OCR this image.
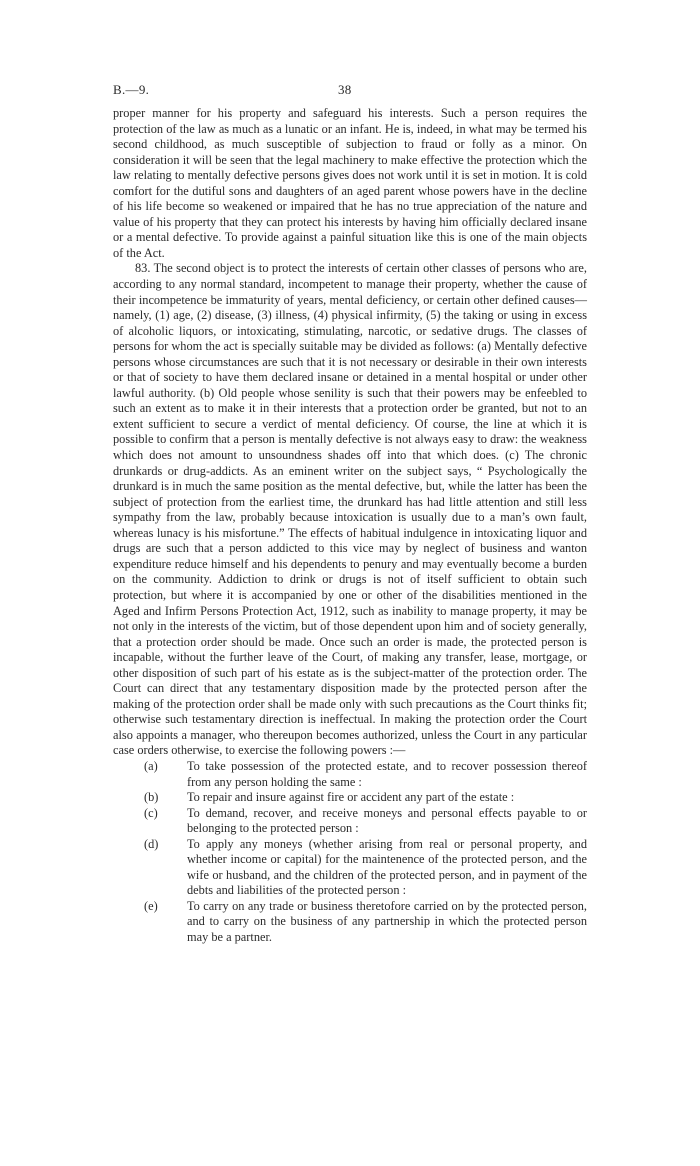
B.—9.	38

proper manner for his property and safeguard his interests. Such a person requires the protection of the law as much as a lunatic or an infant. He is, indeed, in what may be termed his second childhood, as much susceptible of subjection to fraud or folly as a minor. On consideration it will be seen that the legal machinery to make effective the protection which the law relating to mentally defective persons gives does not work until it is set in motion. It is cold comfort for the dutiful sons and daughters of an aged parent whose powers have in the decline of his life become so weakened or impaired that he has no true appreciation of the nature and value of his property that they can protect his interests by having him officially declared insane or a mental defective. To provide against a painful situation like this is one of the main objects of the Act.

83. The second object is to protect the interests of certain other classes of persons who are, according to any normal standard, incompetent to manage their property, whether the cause of their incompetence be immaturity of years, mental deficiency, or certain other defined causes—namely, (1) age, (2) disease, (3) illness, (4) physical infirmity, (5) the taking or using in excess of alcoholic liquors, or intoxicating, stimulating, narcotic, or sedative drugs. The classes of persons for whom the act is specially suitable may be divided as follows: (a) Mentally defective persons whose circumstances are such that it is not necessary or desirable in their own interests or that of society to have them declared insane or detained in a mental hospital or under other lawful authority. (b) Old people whose senility is such that their powers may be enfeebled to such an extent as to make it in their interests that a protection order be granted, but not to an extent sufficient to secure a verdict of mental deficiency. Of course, the line at which it is possible to confirm that a person is mentally defective is not always easy to draw: the weakness which does not amount to unsoundness shades off into that which does. (c) The chronic drunkards or drug-addicts. As an eminent writer on the subject says, “ Psychologically the drunkard is in much the same position as the mental defective, but, while the latter has been the subject of protection from the earliest time, the drunkard has had little attention and still less sympathy from the law, probably because intoxication is usually due to a man’s own fault, whereas lunacy is his misfortune.” The effects of habitual indulgence in intoxicating liquor and drugs are such that a person addicted to this vice may by neglect of business and wanton expenditure reduce himself and his dependents to penury and may eventually become a burden on the community. Addiction to drink or drugs is not of itself sufficient to obtain such protection, but where it is accompanied by one or other of the disabilities mentioned in the Aged and Infirm Persons Protection Act, 1912, such as inability to manage property, it may be not only in the interests of the victim, but of those dependent upon him and of society generally, that a protection order should be made. Once such an order is made, the protected person is incapable, without the further leave of the Court, of making any transfer, lease, mortgage, or other disposition of such part of his estate as is the subject-matter of the protection order. The Court can direct that any testamentary disposition made by the protected person after the making of the protection order shall be made only with such precautions as the Court thinks fit; otherwise such testamentary direction is ineffectual. In making the protection order the Court also appoints a manager, who thereupon becomes authorized, unless the Court in any particular case orders otherwise, to exercise the following powers :—

(a) To take possession of the protected estate, and to recover possession thereof from any person holding the same :
(b) To repair and insure against fire or accident any part of the estate :
(c) To demand, recover, and receive moneys and personal effects payable to or belonging to the protected person :
(d) To apply any moneys (whether arising from real or personal property, and whether income or capital) for the maintenence of the protected person, and the wife or husband, and the children of the protected person, and in payment of the debts and liabilities of the protected person :
(e) To carry on any trade or business theretofore carried on by the protected person, and to carry on the business of any partnership in which the protected person may be a partner.
